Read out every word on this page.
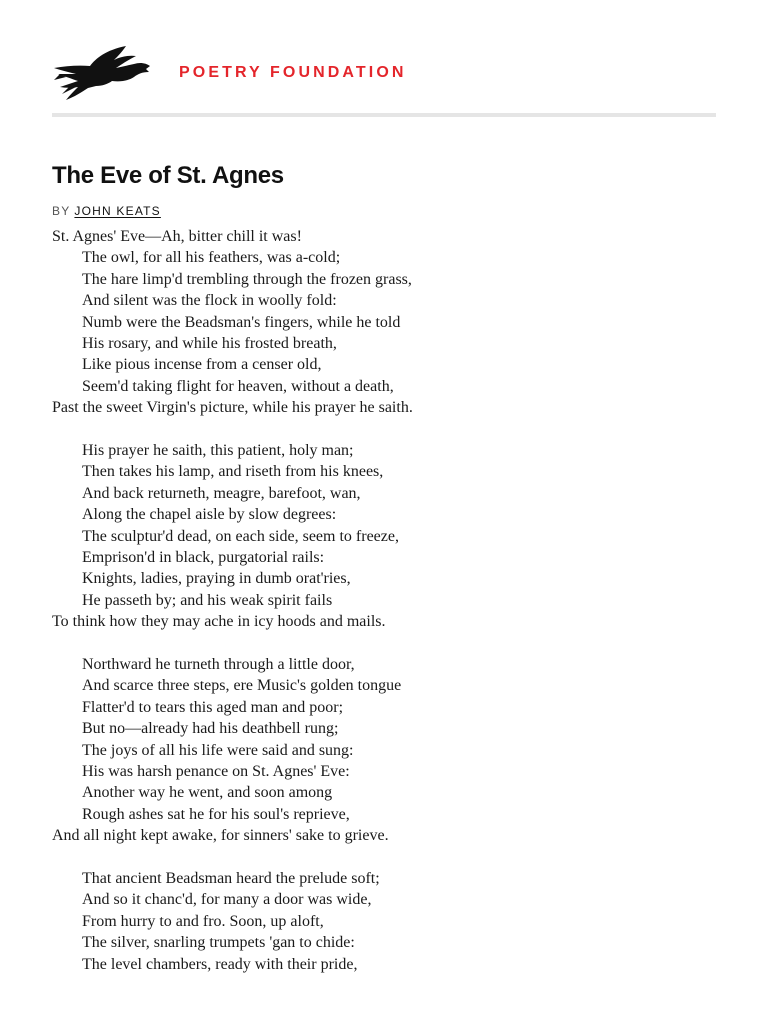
POETRY FOUNDATION
The Eve of St. Agnes
BY JOHN KEATS
St. Agnes' Eve—Ah, bitter chill it was!
The owl, for all his feathers, was a-cold;
The hare limp'd trembling through the frozen grass,
And silent was the flock in woolly fold:
Numb were the Beadsman's fingers, while he told
His rosary, and while his frosted breath,
Like pious incense from a censer old,
Seem'd taking flight for heaven, without a death,
Past the sweet Virgin's picture, while his prayer he saith.
His prayer he saith, this patient, holy man;
Then takes his lamp, and riseth from his knees,
And back returneth, meagre, barefoot, wan,
Along the chapel aisle by slow degrees:
The sculptur'd dead, on each side, seem to freeze,
Emprison'd in black, purgatorial rails:
Knights, ladies, praying in dumb orat'ries,
He passeth by; and his weak spirit fails
To think how they may ache in icy hoods and mails.
Northward he turneth through a little door,
And scarce three steps, ere Music's golden tongue
Flatter'd to tears this aged man and poor;
But no—already had his deathbell rung;
The joys of all his life were said and sung:
His was harsh penance on St. Agnes' Eve:
Another way he went, and soon among
Rough ashes sat he for his soul's reprieve,
And all night kept awake, for sinners' sake to grieve.
That ancient Beadsman heard the prelude soft;
And so it chanc'd, for many a door was wide,
From hurry to and fro. Soon, up aloft,
The silver, snarling trumpets 'gan to chide:
The level chambers, ready with their pride,
